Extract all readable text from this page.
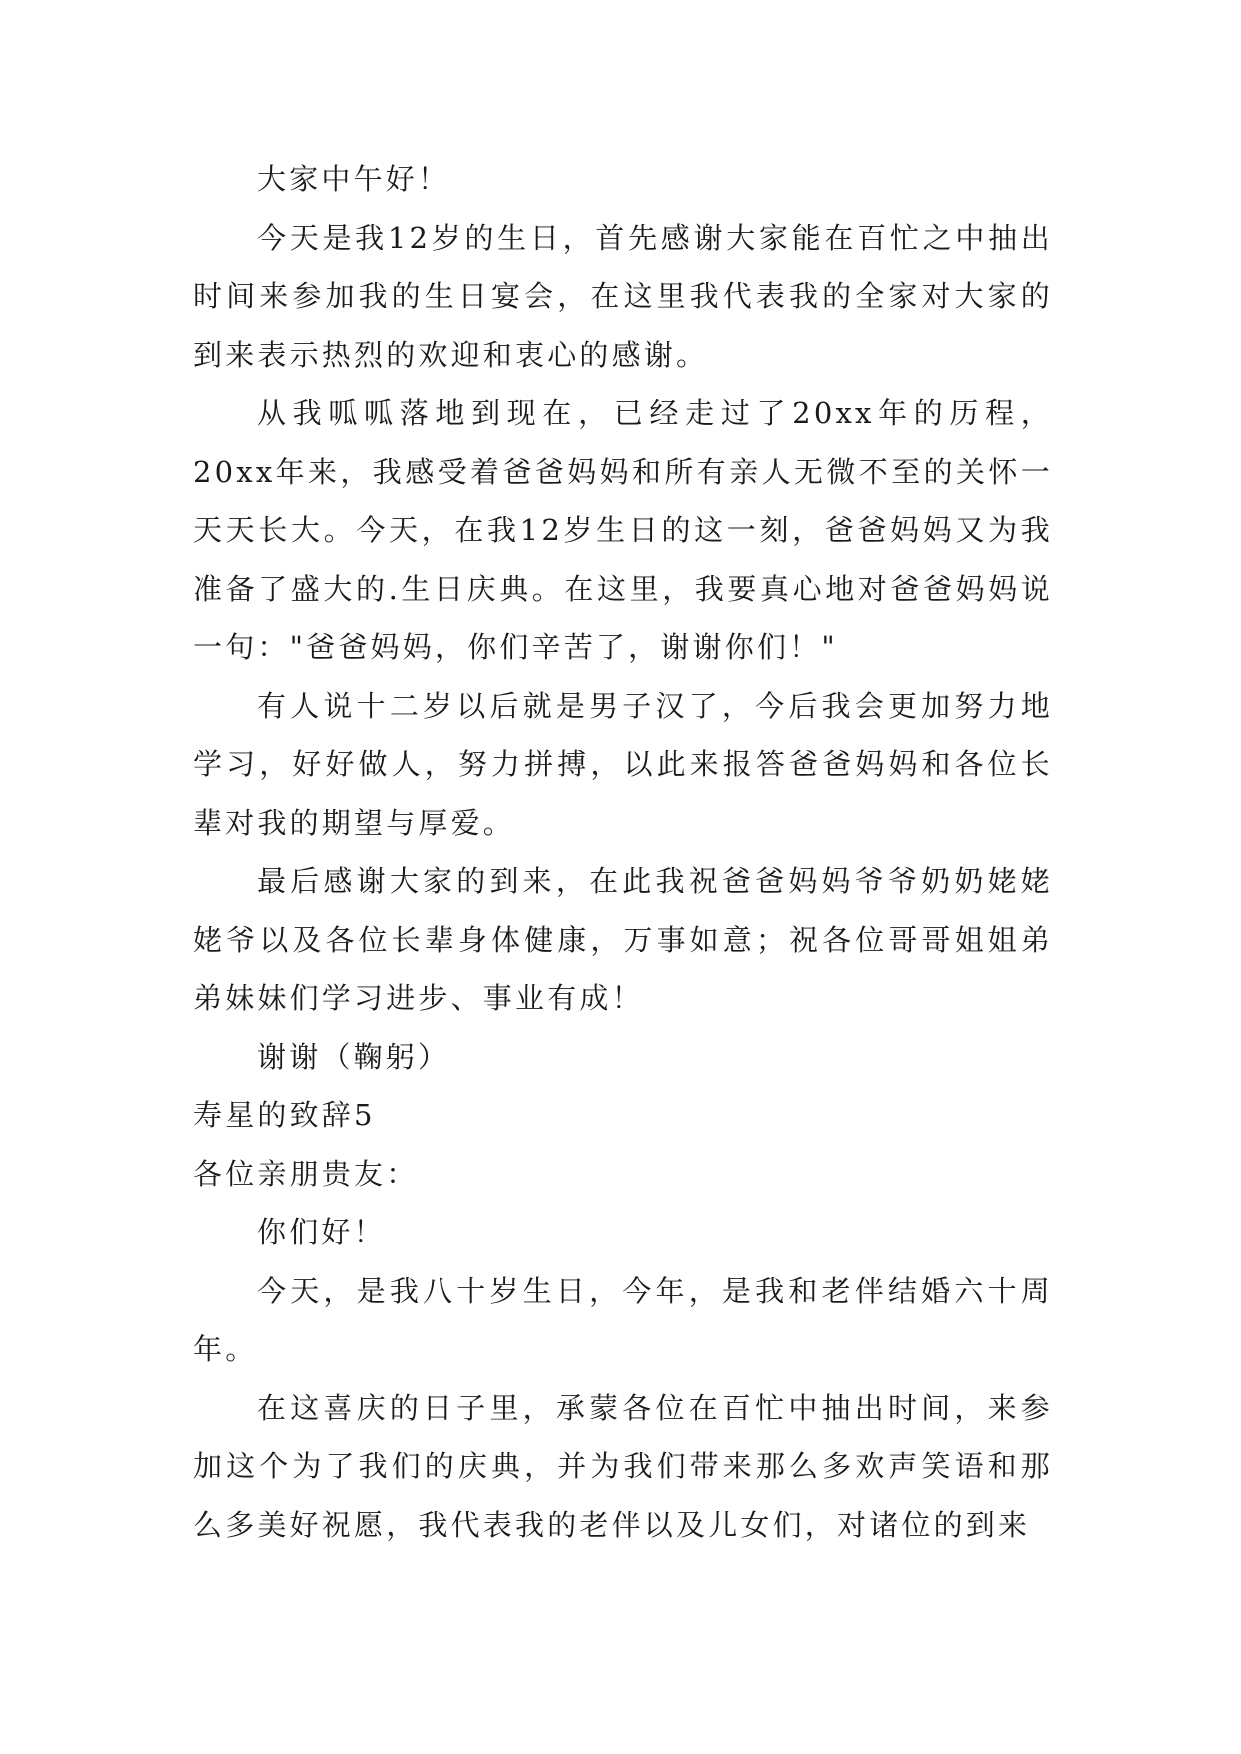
大家中午好！

今天是我12岁的生日，首先感谢大家能在百忙之中抽出时间来参加我的生日宴会，在这里我代表我的全家对大家的到来表示热烈的欢迎和衷心的感谢。

从我呱呱落地到现在，已经走过了20xx年的历程，20xx年来，我感受着爸爸妈妈和所有亲人无微不至的关怀一天天长大。今天，在我12岁生日的这一刻，爸爸妈妈又为我准备了盛大的.生日庆典。在这里，我要真心地对爸爸妈妈说一句："爸爸妈妈，你们辛苦了，谢谢你们！"

有人说十二岁以后就是男子汉了，今后我会更加努力地学习，好好做人，努力拼搏，以此来报答爸爸妈妈和各位长辈对我的期望与厚爱。

最后感谢大家的到来，在此我祝爸爸妈妈爷爷奶奶姥姥姥爷以及各位长辈身体健康，万事如意；祝各位哥哥姐姐弟弟妹妹们学习进步、事业有成！

谢谢（鞠躬）

寿星的致辞5

各位亲朋贵友：

你们好！

今天，是我八十岁生日，今年，是我和老伴结婚六十周年。

在这喜庆的日子里，承蒙各位在百忙中抽出时间，来参加这个为了我们的庆典，并为我们带来那么多欢声笑语和那么多美好祝愿，我代表我的老伴以及儿女们，对诸位的到来
